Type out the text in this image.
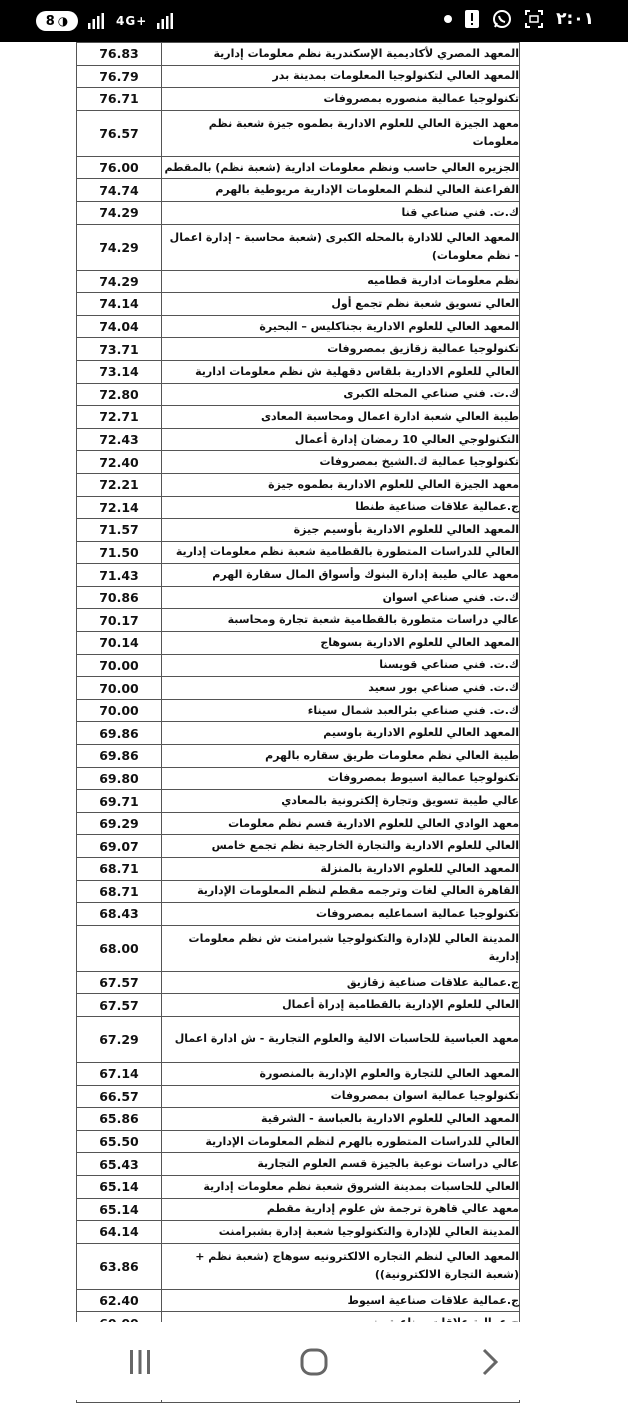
8 ◑	4G+	٢:٠١
76.83	المعهد المصري لأكاديمية الإسكندرية نظم معلومات إدارية
76.79	المعهد العالي لتكنولوجيا المعلومات بمدينة بدر
76.71	تكنولوجيا عمالية منصوره بمصروفات
76.57	معهد الجيزة العالي للعلوم الادارية بطموه جيزة شعبة نظم معلومات
76.00	الجزيره العالي حاسب ونظم معلومات ادارية (شعبة نظم) بالمقطم
74.74	الفراعنة العالي لنظم المعلومات الإدارية مريوطية بالهرم
74.29	ك.ت. فني صناعي قنا
74.29	المعهد العالي للادارة بالمحله الكبرى (شعبة محاسبة - إدارة اعمال - نظم معلومات)
74.29	نظم معلومات ادارية قطاميه
74.14	العالي تسويق شعبة نظم تجمع أول
74.04	المعهد العالي للعلوم الادارية بجناكليس – البحيرة
73.71	تكنولوجيا عمالية زقازيق بمصروفات
73.14	العالي للعلوم الادارية بلقاس دقهلية ش نظم معلومات ادارية
72.80	ك.ت. فني صناعي المحله الكبرى
72.71	طيبة العالي شعبة ادارة اعمال ومحاسبة المعادى
72.43	التكنولوجي العالي 10 رمضان إدارة أعمال
72.40	تكنولوجيا عمالية ك.الشيخ بمصروفات
72.21	معهد الجيزة العالي للعلوم الادارية بطموه جيزة
72.14	ج.عمالية علاقات صناعية طنطا
71.57	المعهد العالي للعلوم الادارية بأوسيم جيزة
71.50	العالي للدراسات المتطورة بالقطامية شعبة نظم معلومات إدارية
71.43	معهد عالي طيبة إدارة البنوك وأسواق المال سقارة الهرم
70.86	ك.ت. فني صناعي اسوان
70.17	عالي دراسات متطورة بالقطامية شعبة تجارة ومحاسبة
70.14	المعهد العالي للعلوم الادارية بسوهاج
70.00	ك.ت. فني صناعي قويسنا
70.00	ك.ت. فني صناعي بور سعيد
70.00	ك.ت. فني صناعي بئرالعبد شمال سيناء
69.86	المعهد العالي للعلوم الادارية باوسيم
69.86	طيبة العالي نظم معلومات طريق سقاره بالهرم
69.80	تكنولوجيا عمالية اسيوط بمصروفات
69.71	عالي طيبة تسويق وتجارة إلكترونية بالمعادي
69.29	معهد الوادي العالي للعلوم الادارية قسم نظم معلومات
69.07	العالي للعلوم الادارية والتجارة الخارجية نظم تجمع خامس
68.71	المعهد العالي للعلوم الادارية بالمنزلة
68.71	القاهرة العالي لغات وترجمه مقطم لنظم المعلومات الإدارية
68.43	تكنولوجيا عمالية اسماعليه بمصروفات
68.00	المدينة العالي للإدارة والتكنولوجيا شبرامنت ش نظم معلومات إدارية
67.57	ج.عمالية علاقات صناعية زقازيق
67.57	العالي للعلوم الإدارية بالقطامية إدراة أعمال
67.29	معهد العباسية للحاسبات الالية والعلوم التجارية - ش ادارة اعمال
67.14	المعهد العالي للتجارة والعلوم الإدارية بالمنصورة
66.57	تكنولوجيا عمالية اسوان بمصروفات
65.86	المعهد العالي للعلوم الادارية بالعباسة - الشرقية
65.50	العالي للدراسات المتطوره بالهرم لنظم المعلومات الإدارية
65.43	عالي دراسات نوعية بالجيزة قسم العلوم التجارية
65.14	العالي للحاسبات بمدينة الشروق شعبة نظم معلومات إدارية
65.14	معهد عالي قاهرة ترجمة ش علوم إدارية مقطم
64.14	المدينة العالي للإدارة والتكنولوجيا شعبة إدارة بشبرامنت
63.86	المعهد العالي لنظم التجاره الالكترونيه سوهاج (شعبة نظم + (شعبة التجارة الالكترونية))
62.40	ج.عمالية علاقات صناعية اسيوط
